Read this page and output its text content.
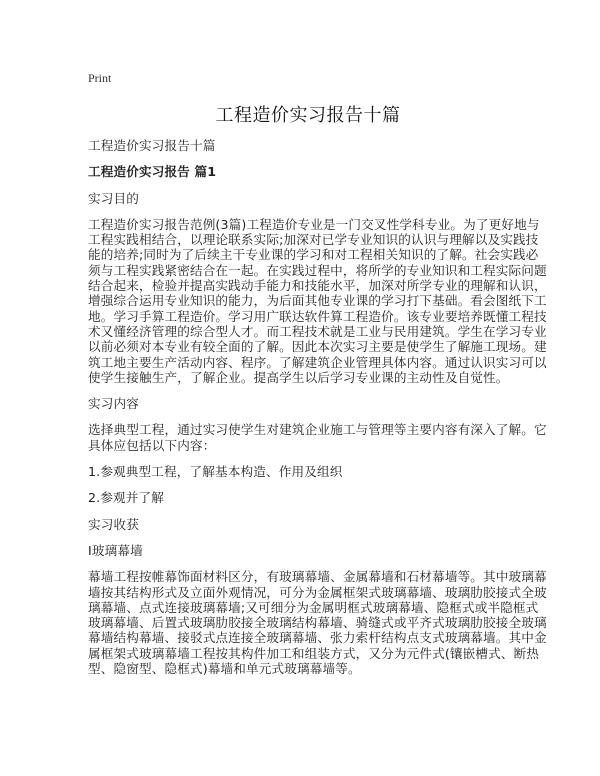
Print
工程造价实习报告十篇
工程造价实习报告十篇
工程造价实习报告 篇1
实习目的
工程造价实习报告范例(3篇)工程造价专业是一门交叉性学科专业。为了更好地与
工程实践相结合，以理论联系实际;加深对已学专业知识的认识与理解以及实践技
能的培养;同时为了后续主干专业课的学习和对工程相关知识的了解。社会实践必
须与工程实践紧密结合在一起。在实践过程中，将所学的专业知识和工程实际问题
结合起来，检验并提高实践动手能力和技能水平，加深对所学专业的理解和认识，
增强综合运用专业知识的能力，为后面其他专业课的学习打下基础。看会图纸下工
地。学习手算工程造价。学习用广联达软件算工程造价。该专业要培养既懂工程技
术又懂经济管理的综合型人才。而工程技术就是工业与民用建筑。学生在学习专业
以前必须对本专业有较全面的了解。因此本次实习主要是使学生了解施工现场。建
筑工地主要生产活动内容、程序。了解建筑企业管理具体内容。通过认识实习可以
使学生接触生产，了解企业。提高学生以后学习专业课的主动性及自觉性。
实习内容
选择典型工程，通过实习使学生对建筑企业施工与管理等主要内容有深入了解。它
具体应包括以下内容：
1.参观典型工程，了解基本构造、作用及组织
2.参观并了解
实习收获
I玻璃幕墙
幕墙工程按帷幕饰面材料区分，有玻璃幕墙、金属幕墙和石材幕墙等。其中玻璃幕
墙按其结构形式及立面外观情况，可分为金属框架式玻璃幕墙、玻璃肋胶接式全玻
璃幕墙、点式连接玻璃幕墙;又可细分为金属明框式玻璃幕墙、隐框式或半隐框式
玻璃幕墙、后置式玻璃肋胶接全玻璃结构幕墙、骑缝式或平齐式玻璃肋胶接全玻璃
幕墙结构幕墙、接驳式点连接全玻璃幕墙、张力索杆结构点支式玻璃幕墙。其中金
属框架式玻璃幕墙工程按其构件加工和组装方式，又分为元件式(镶嵌槽式、断热
型、隐窗型、隐框式)幕墙和单元式玻璃幕墙等。
